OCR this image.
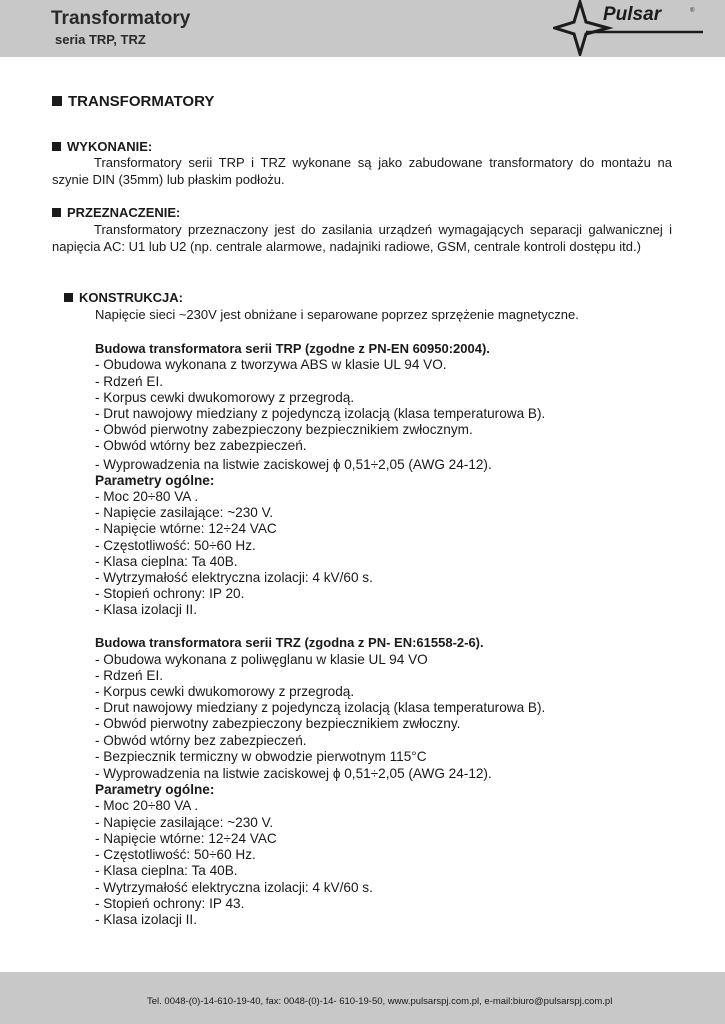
Transformatory
seria TRP, TRZ
Pulsar	®
TRANSFORMATORY
WYKONANIE:
Transformatory serii TRP i TRZ wykonane są jako zabudowane transformatory do montażu na szynie DIN (35mm) lub płaskim podłożu.
PRZEZNACZENIE:
Transformatory przeznaczony jest do zasilania urządzeń wymagających separacji galwanicznej i napięcia AC: U1 lub U2 (np. centrale alarmowe, nadajniki radiowe, GSM, centrale kontroli dostępu itd.)
KONSTRUKCJA:
Napięcie sieci ~230V jest obniżane i separowane poprzez sprzężenie magnetyczne.
Budowa transformatora serii TRP (zgodne z PN-EN 60950:2004).
- Obudowa wykonana z tworzywa ABS w klasie UL 94 VO.
- Rdzeń EI.
- Korpus cewki dwukomorowy z przegrodą.
- Drut nawojowy miedziany z pojedynczą izolacją (klasa temperaturowa B).
- Obwód pierwotny zabezpieczony bezpiecznikiem zwłocznym.
- Obwód wtórny bez zabezpieczeń.
- Wyprowadzenia na listwie zaciskowej ϕ 0,51÷2,05 (AWG 24-12).
Parametry ogólne:
- Moc 20÷80 VA .
- Napięcie zasilające: ~230 V.
- Napięcie wtórne: 12÷24 VAC
- Częstotliwość: 50÷60 Hz.
- Klasa cieplna: Ta 40B.
- Wytrzymałość elektryczna izolacji: 4 kV/60 s.
- Stopień ochrony: IP 20.
- Klasa izolacji II.
Budowa transformatora serii TRZ (zgodna z PN- EN:61558-2-6).
- Obudowa wykonana z poliwęglanu w klasie UL 94 VO
- Rdzeń EI.
- Korpus cewki dwukomorowy z przegrodą.
- Drut nawojowy miedziany z pojedynczą izolacją (klasa temperaturowa B).
- Obwód pierwotny zabezpieczony bezpiecznikiem zwłoczny.
- Obwód wtórny bez zabezpieczeń.
- Bezpiecznik termiczny w obwodzie pierwotnym 115°C
- Wyprowadzenia na listwie zaciskowej ϕ 0,51÷2,05 (AWG 24-12).
Parametry ogólne:
- Moc 20÷80 VA .
- Napięcie zasilające: ~230 V.
- Napięcie wtórne: 12÷24 VAC
- Częstotliwość: 50÷60 Hz.
- Klasa cieplna: Ta 40B.
- Wytrzymałość elektryczna izolacji: 4 kV/60 s.
- Stopień ochrony: IP 43.
- Klasa izolacji II.
Tel. 0048-(0)-14-610-19-40, fax: 0048-(0)-14- 610-19-50, www.pulsarspj.com.pl, e-mail:biuro@pulsarspj.com.pl
